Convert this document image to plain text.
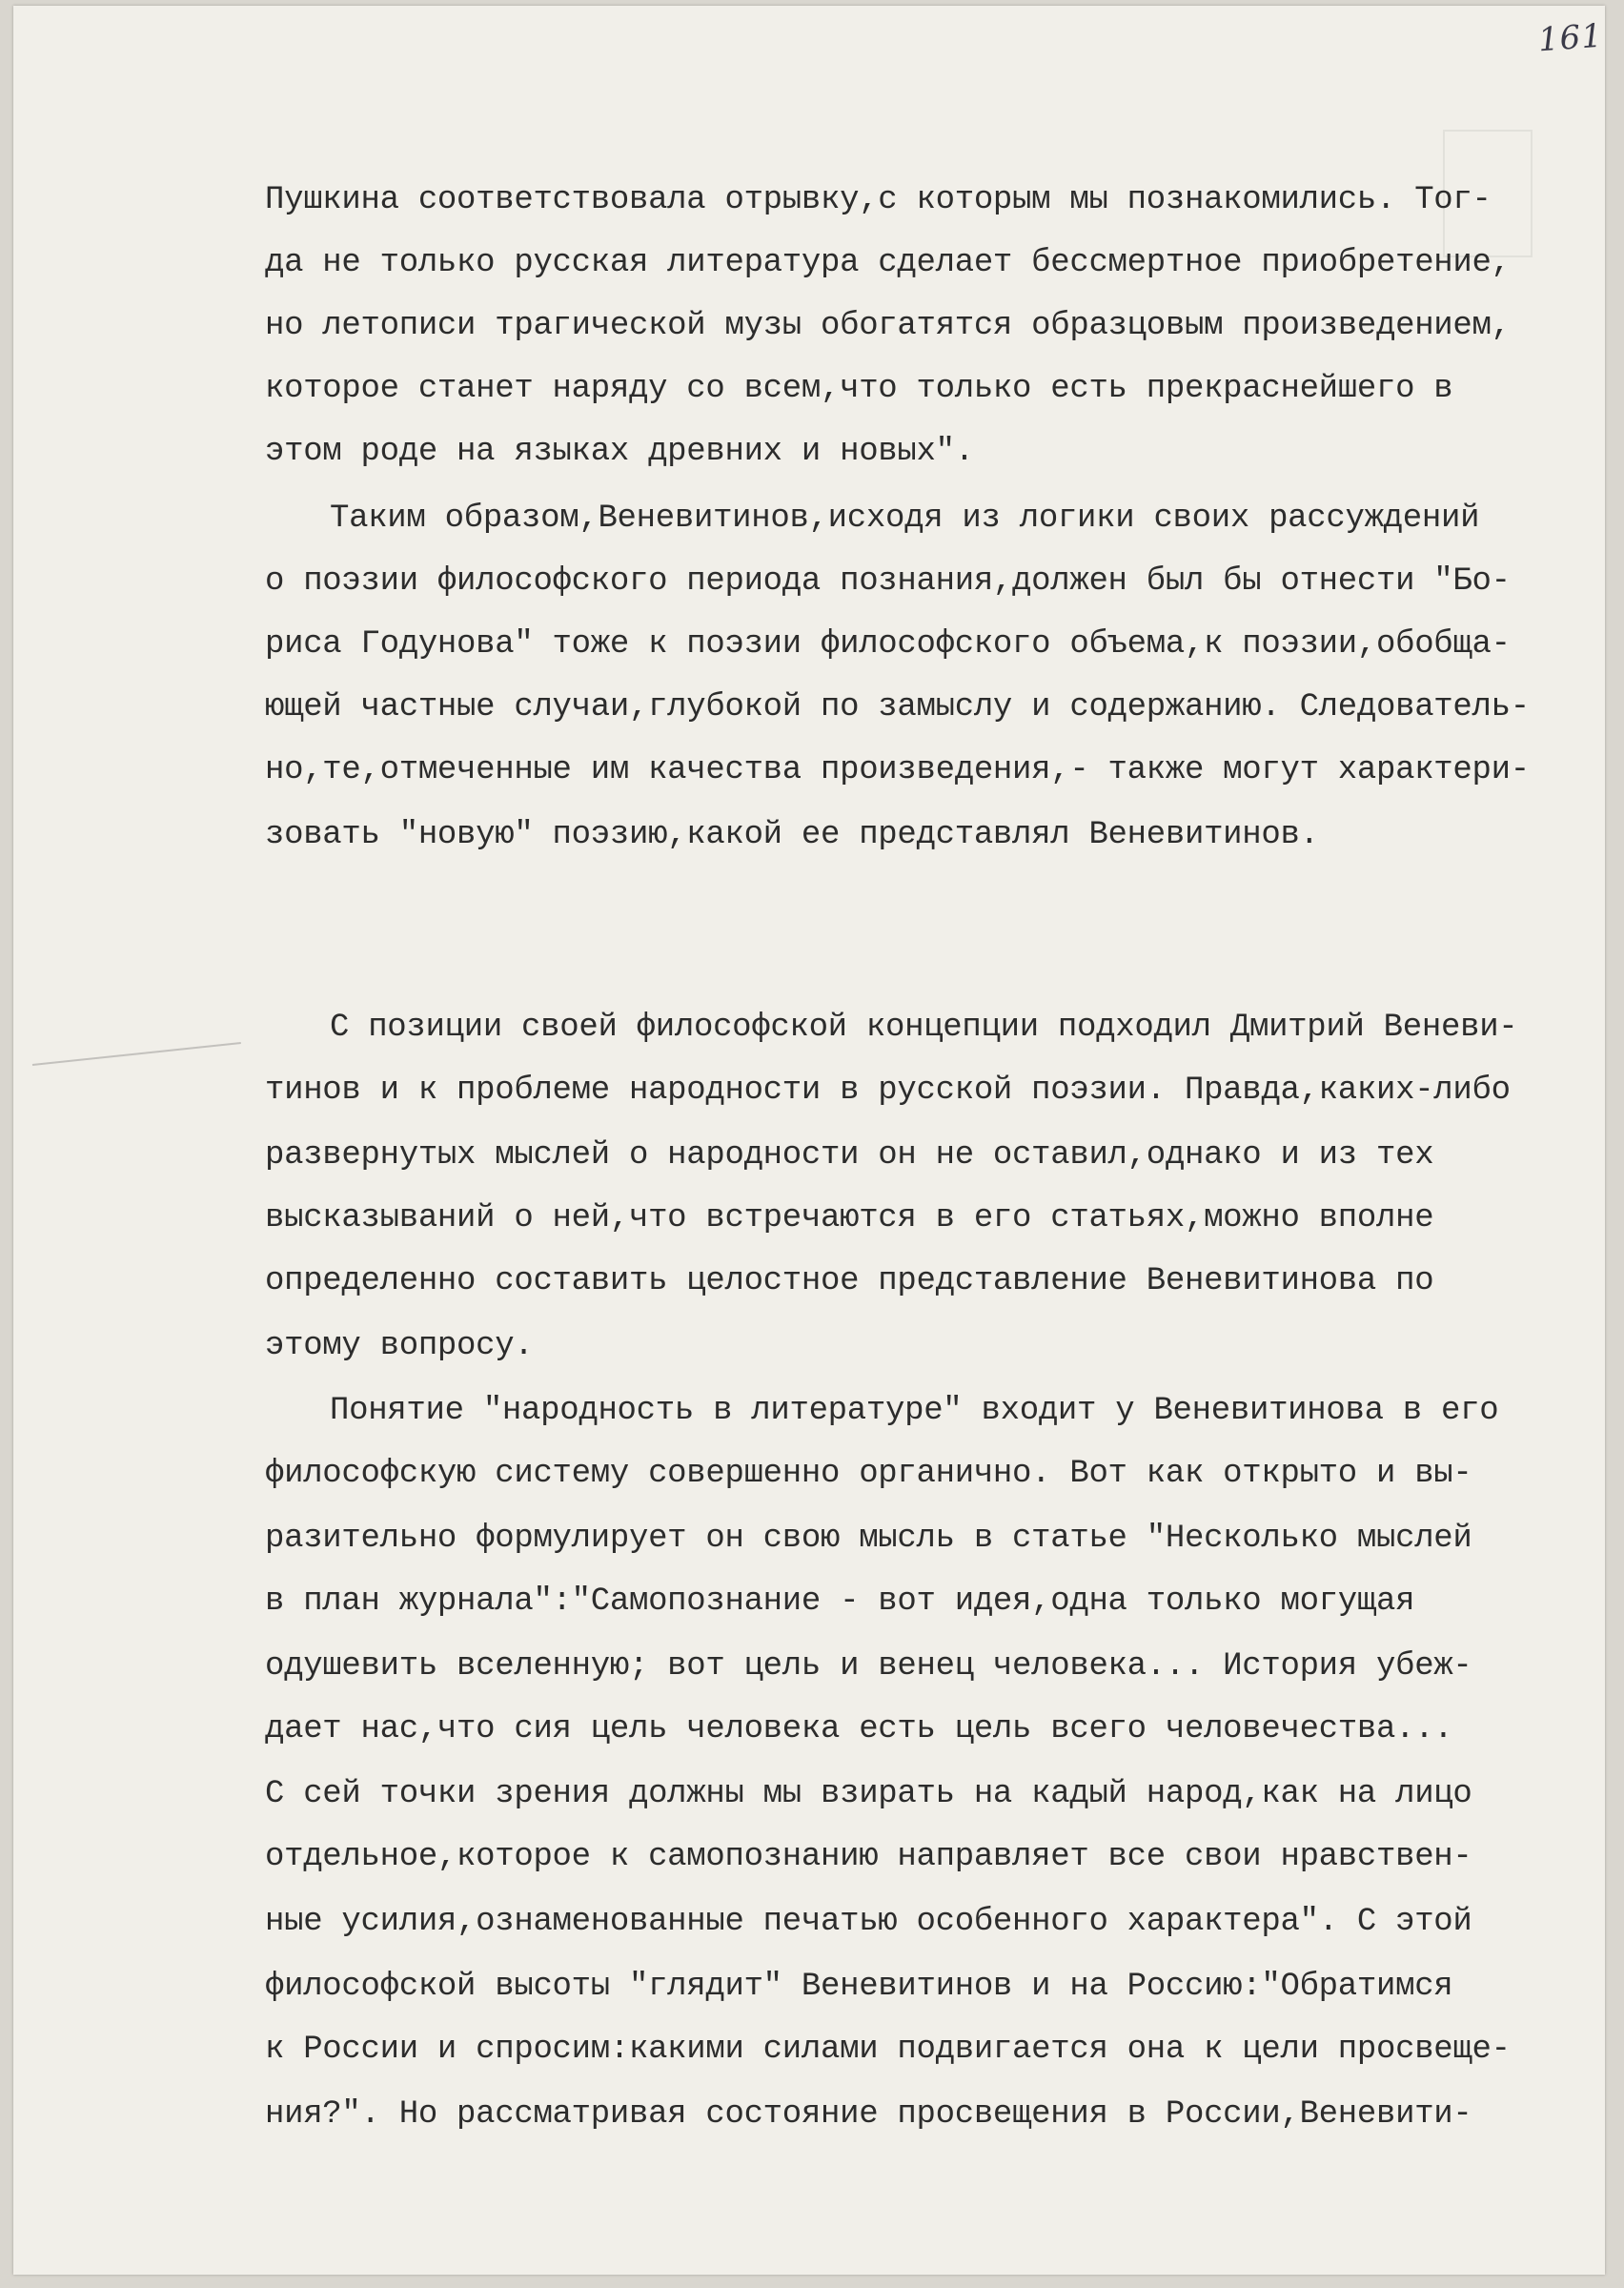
161
Пушкина соответствовала отрывку,с которым мы познакомились. Тог-
да не только русская литература сделает бессмертное приобретение,
но летописи трагической музы обогатятся образцовым произведением,
которое станет наряду со всем,что только есть прекраснейшего в
этом роде на языках древних и новых".
Таким образом,Веневитинов,исходя из логики своих рассуждений
о поэзии философского периода познания,должен был бы отнести "Бо-
риса Годунова" тоже к поэзии философского объема,к поэзии,обобща-
ющей частные случаи,глубокой по замыслу и содержанию. Следователь-
но,те,отмеченные им качества произведения,- также могут характери-
зовать "новую" поэзию,какой ее представлял Веневитинов.
С позиции своей философской концепции подходил Дмитрий Веневи-
тинов и к проблеме народности в русской поэзии. Правда,каких-либо
развернутых мыслей о народности он не оставил,однако и из тех
высказываний о ней,что встречаются в его статьях,можно вполне
определенно составить целостное представление Веневитинова по
этому вопросу.
Понятие "народность в литературе" входит у Веневитинова в его
философскую систему совершенно органично. Вот как открыто и вы-
разительно формулирует он свою мысль в статье "Несколько мыслей
в план журнала":"Самопознание - вот идея,одна только могущая
одушевить вселенную; вот цель и венец человека... История убеж-
дает нас,что сия цель человека есть цель всего человечества...
С сей точки зрения должны мы взирать на кадый народ,как на лицо
отдельное,которое к самопознанию направляет все свои нравствен-
ные усилия,ознаменованные печатью особенного характера". С этой
философской высоты "глядит" Веневитинов и на Россию:"Обратимся
к России и спросим:какими силами подвигается она к цели просвеще-
ния?". Но рассматривая состояние просвещения в России,Веневити-
